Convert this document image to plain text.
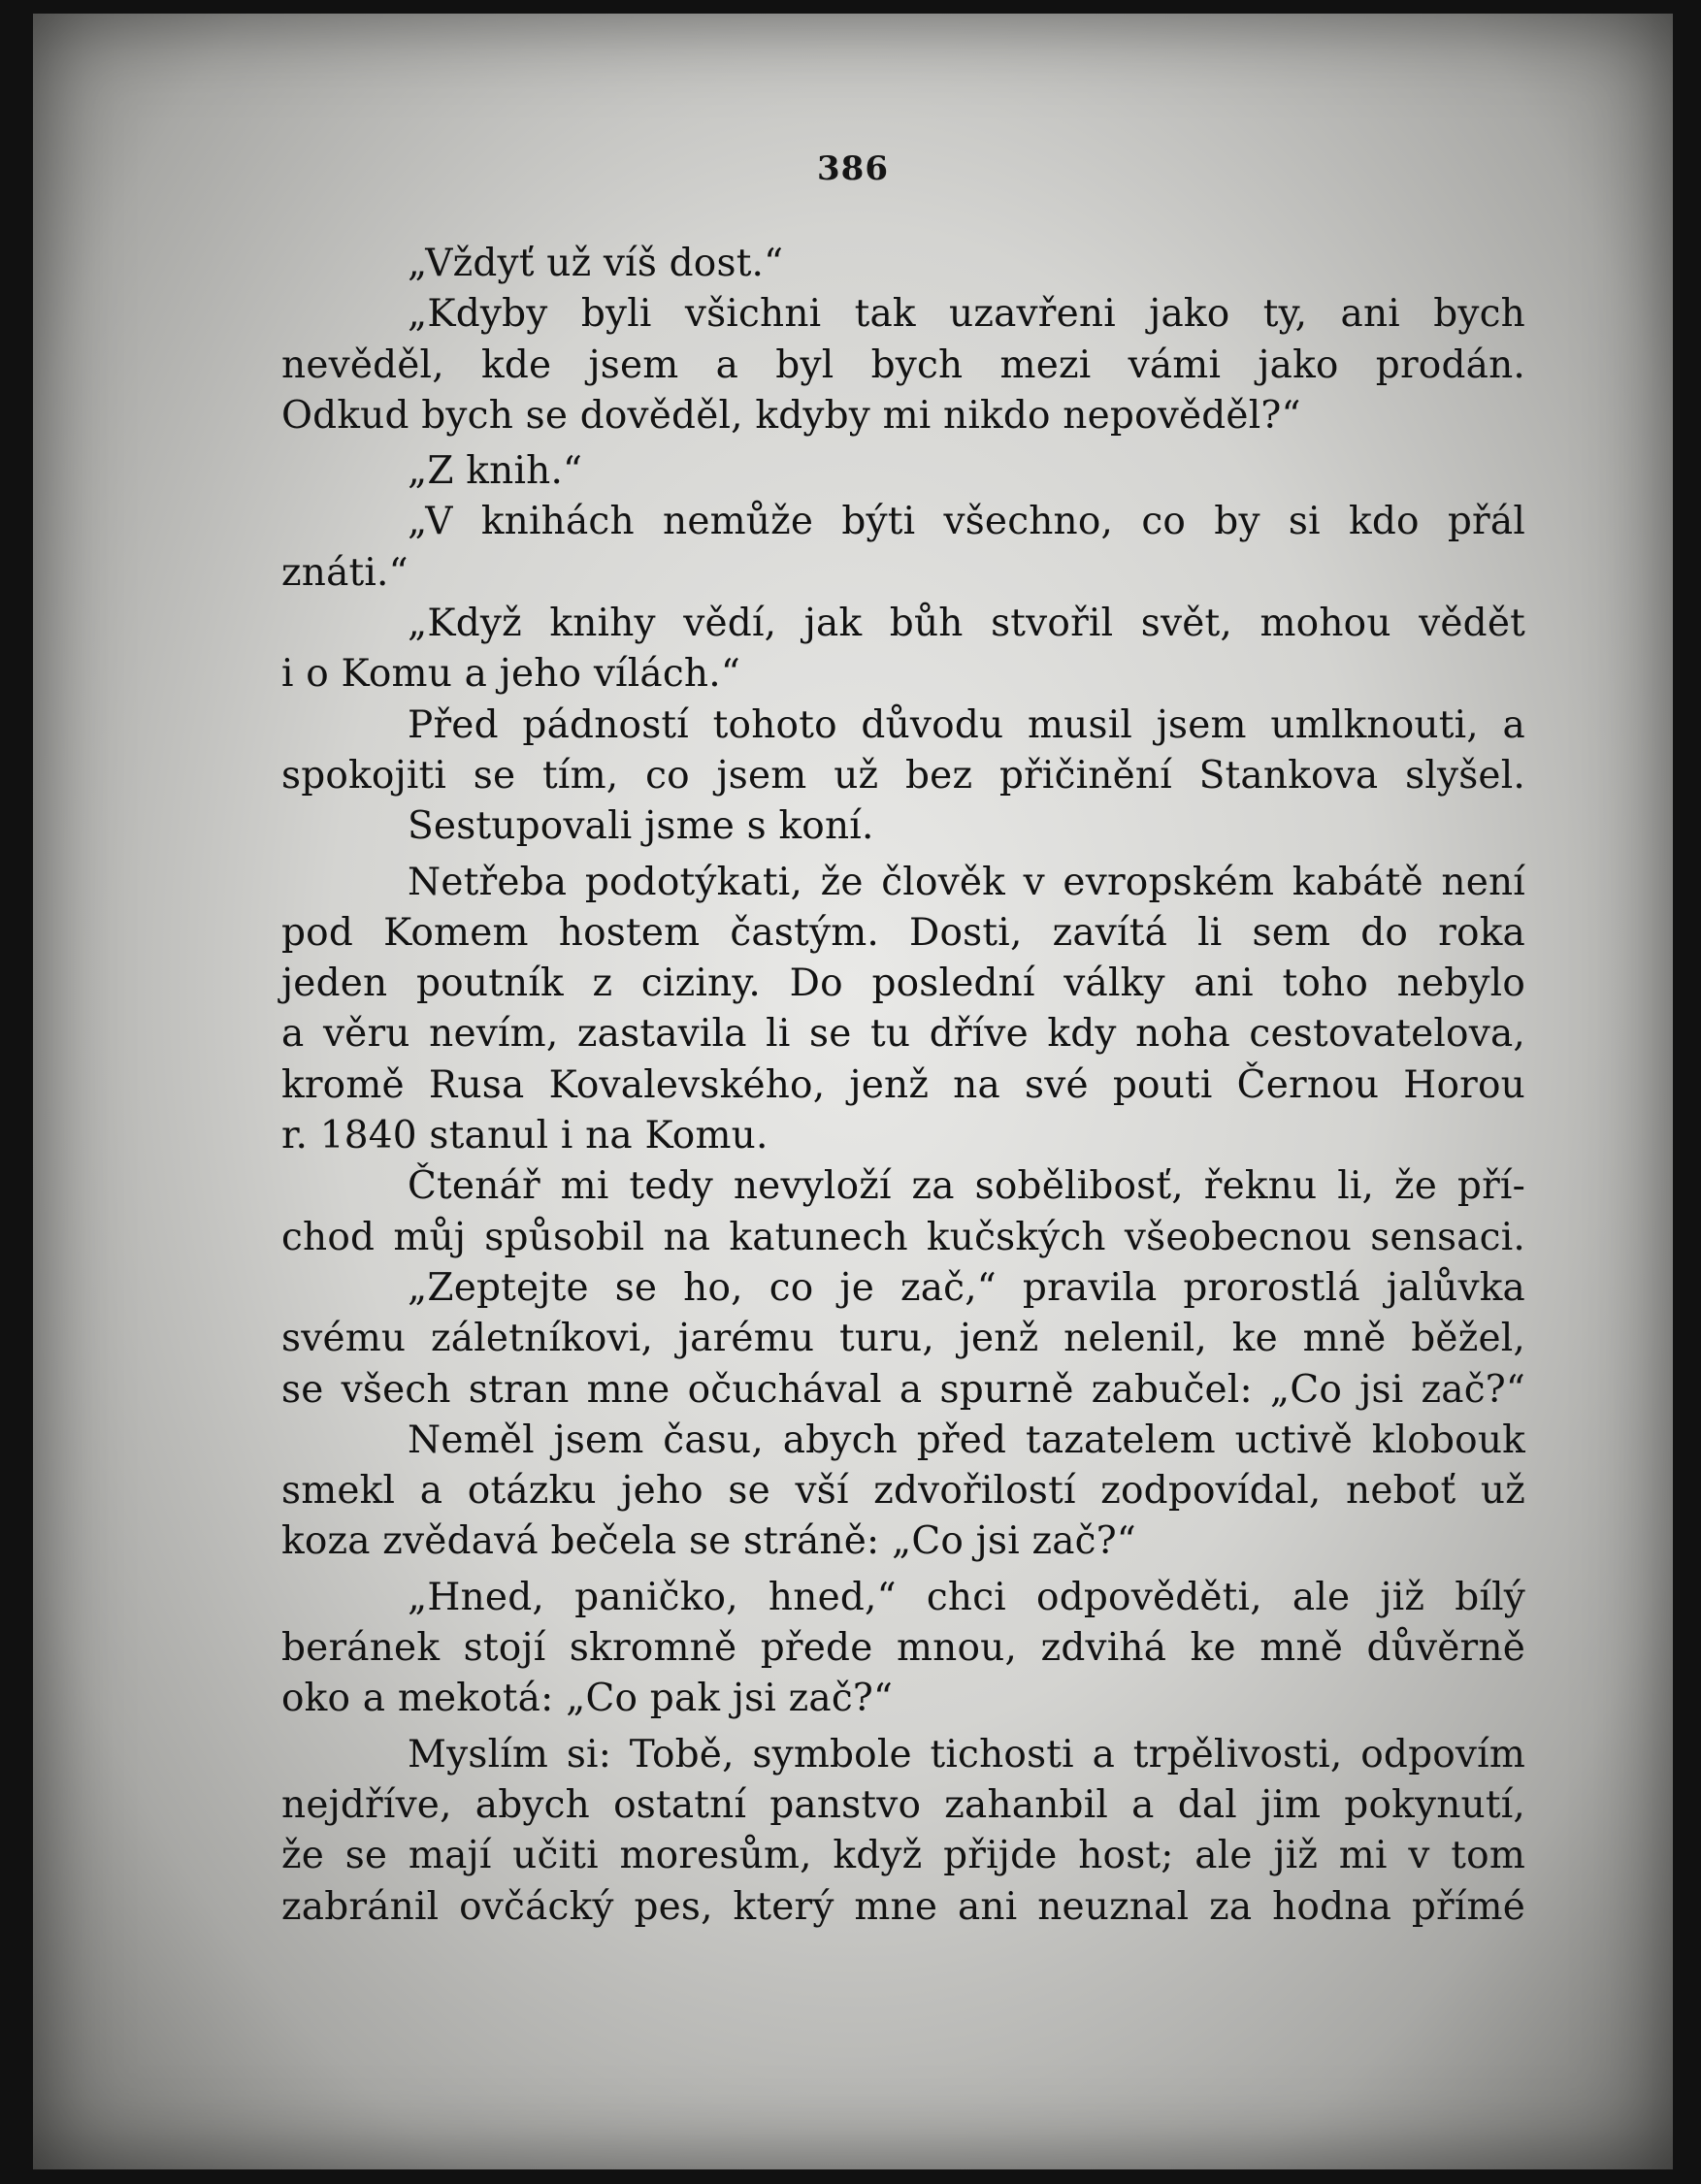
386
„Vždyť už víš dost.“
„Kdyby byli všichni tak uzavřeni jako ty, ani bych
nevěděl, kde jsem a byl bych mezi vámi jako prodán.
Odkud bych se dověděl, kdyby mi nikdo nepověděl?“
„Z knih.“
„V knihách nemůže býti všechno, co by si kdo přál
znáti.“
„Když knihy vědí, jak bůh stvořil svět, mohou vědět
i o Komu a jeho vílách.“
Před pádností tohoto důvodu musil jsem umlknouti, a
spokojiti se tím, co jsem už bez přičinění Stankova slyšel.
Sestupovali jsme s koní.
Netřeba podotýkati, že člověk v evropském kabátě není
pod Komem hostem častým. Dosti, zavítá li sem do roka
jeden poutník z ciziny. Do poslední války ani toho nebylo
a věru nevím, zastavila li se tu dříve kdy noha cestovatelova,
kromě Rusa Kovalevského, jenž na své pouti Černou Horou
r. 1840 stanul i na Komu.
Čtenář mi tedy nevyloží za sobělibosť, řeknu li, že pří-
chod můj spůsobil na katunech kučských všeobecnou sensaci.
„Zeptejte se ho, co je zač,“ pravila prorostlá jalůvka
svému záletníkovi, jarému turu, jenž nelenil, ke mně běžel,
se všech stran mne očuchával a spurně zabučel: „Co jsi zač?“
Neměl jsem času, abych před tazatelem uctivě klobouk
smekl a otázku jeho se vší zdvořilostí zodpovídal, neboť už
koza zvědavá bečela se stráně: „Co jsi zač?“
„Hned, paničko, hned,“ chci odpověděti, ale již bílý
beránek stojí skromně přede mnou, zdvihá ke mně důvěrně
oko a mekotá: „Co pak jsi zač?“
Myslím si: Tobě, symbole tichosti a trpělivosti, odpovím
nejdříve, abych ostatní panstvo zahanbil a dal jim pokynutí,
že se mají učiti moresům, když přijde host; ale již mi v tom
zabránil ovčácký pes, který mne ani neuznal za hodna přímé
